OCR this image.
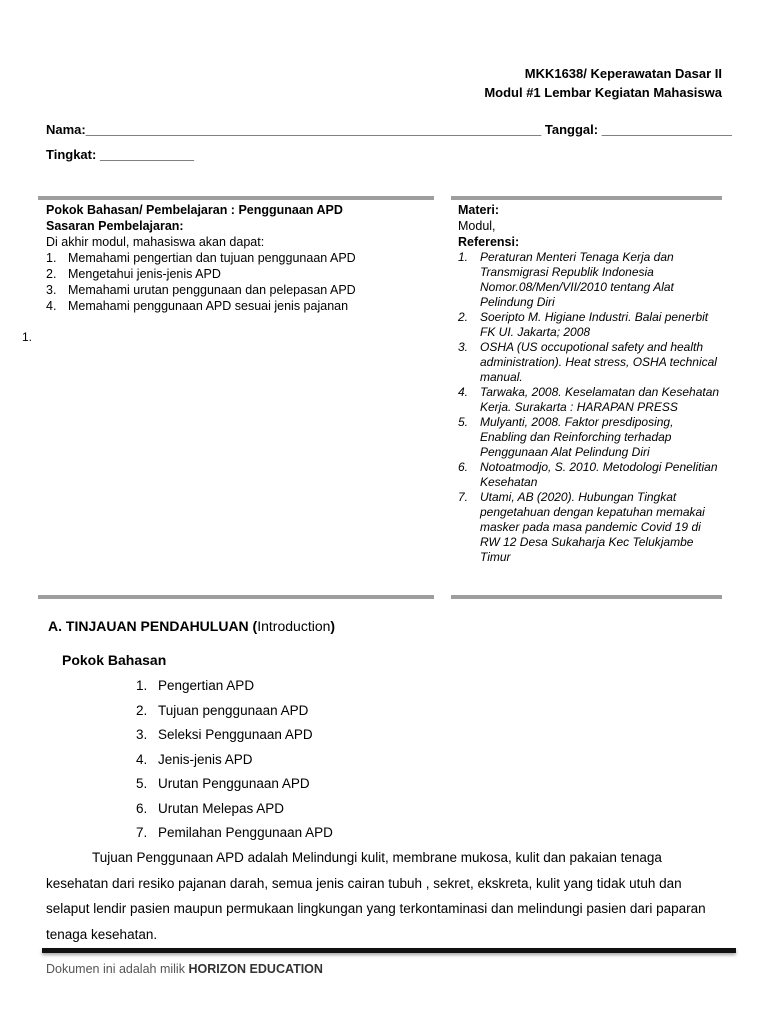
MKK1638/ Keperawatan Dasar II
Modul #1 Lembar Kegiatan Mahasiswa
Nama:_______________________________________________________________ Tanggal: __________________
Tingkat: _____________
Pokok Bahasan/ Pembelajaran : Penggunaan APD
Sasaran Pembelajaran:
Di akhir modul, mahasiswa akan dapat:
1. Memahami pengertian dan tujuan penggunaan APD
2. Mengetahui jenis-jenis APD
3. Memahami urutan penggunaan dan pelepasan APD
4. Memahami penggunaan APD sesuai jenis pajanan
1.
Materi:
Modul,
Referensi:
1. Peraturan Menteri Tenaga Kerja dan Transmigrasi Republik Indonesia Nomor.08/Men/VII/2010 tentang Alat Pelindung Diri
2. Soeripto M. Higiane Industri. Balai penerbit FK UI. Jakarta; 2008
3. OSHA (US occupotional safety and health administration). Heat stress, OSHA technical manual.
4. Tarwaka, 2008. Keselamatan dan Kesehatan Kerja. Surakarta : HARAPAN PRESS
5. Mulyanti, 2008. Faktor presdiposing, Enabling dan Reinforching terhadap Penggunaan Alat Pelindung Diri
6. Notoatmodjo, S. 2010. Metodologi Penelitian Kesehatan
7. Utami, AB (2020). Hubungan Tingkat pengetahuan dengan kepatuhan memakai masker pada masa pandemic Covid 19 di RW 12 Desa Sukaharja Kec Telukjambe Timur
A. TINJAUAN PENDAHULUAN (Introduction)
Pokok Bahasan
1. Pengertian APD
2. Tujuan penggunaan APD
3. Seleksi Penggunaan APD
4. Jenis-jenis APD
5. Urutan Penggunaan APD
6. Urutan Melepas APD
7. Pemilahan Penggunaan APD
Tujuan Penggunaan APD adalah Melindungi kulit, membrane mukosa, kulit dan pakaian tenaga kesehatan dari resiko pajanan darah, semua jenis cairan tubuh , sekret, ekskreta, kulit yang tidak utuh dan selaput lendir pasien maupun permukaan lingkungan yang terkontaminasi dan melindungi pasien dari paparan tenaga kesehatan.
Dokumen ini adalah milik HORIZON EDUCATION
